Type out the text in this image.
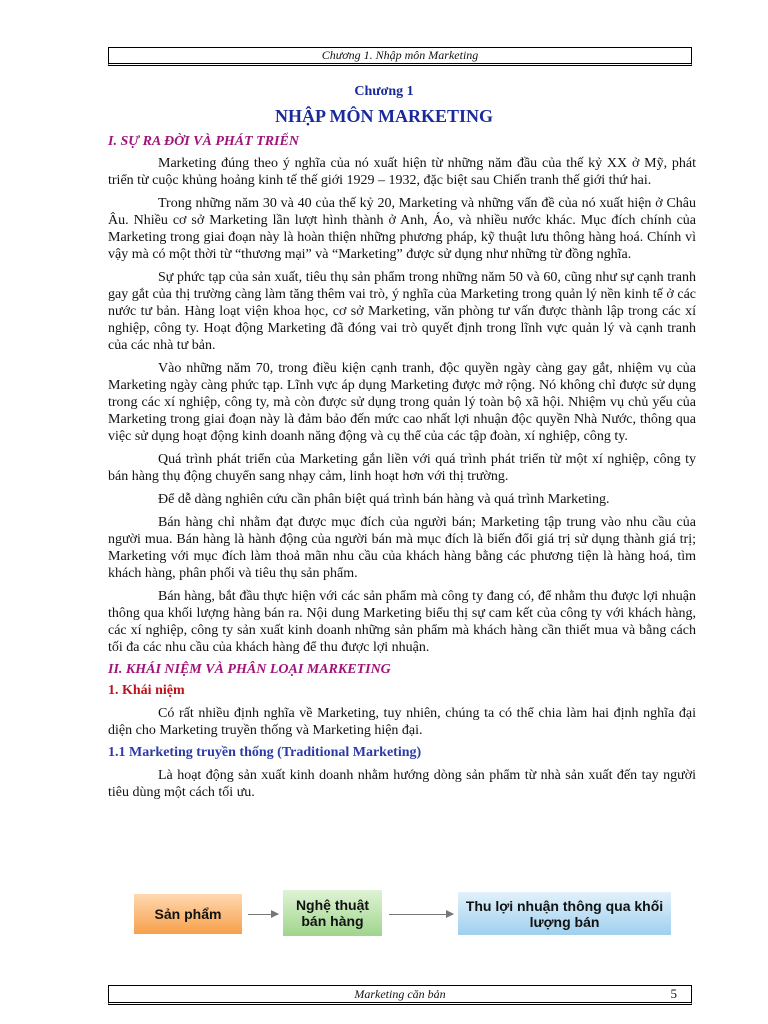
Chương 1. Nhập môn Marketing
Chương 1
NHẬP MÔN MARKETING
I. SỰ RA ĐỜI VÀ PHÁT TRIỂN

Marketing đúng theo ý nghĩa của nó xuất hiện từ những năm đầu của thế kỷ XX ở Mỹ, phát triển từ cuộc khủng hoảng kinh tế thế giới 1929 – 1932, đặc biệt sau Chiến tranh thế giới thứ hai.

Trong những năm 30 và 40 của thế kỷ 20, Marketing và những vấn đề của nó xuất hiện ở Châu Âu. Nhiều cơ sở Marketing lần lượt hình thành ở Anh, Áo, và nhiều nước khác. Mục đích chính của Marketing trong giai đoạn này là hoàn thiện những phương pháp, kỹ thuật lưu thông hàng hoá. Chính vì vậy mà có một thời từ “thương mại” và “Marketing” được sử dụng như những từ đồng nghĩa.

Sự phức tạp của sản xuất, tiêu thụ sản phẩm trong những năm 50 và 60, cũng như sự cạnh tranh gay gắt của thị trường càng làm tăng thêm vai trò, ý nghĩa của Marketing trong quản lý nền kinh tế ở các nước tư bản. Hàng loạt viện khoa học, cơ sở Marketing, văn phòng tư vấn được thành lập trong các xí nghiệp, công ty. Hoạt động Marketing đã đóng vai trò quyết định trong lĩnh vực quản lý và cạnh tranh của các nhà tư bản.

Vào những năm 70, trong điều kiện cạnh tranh, độc quyền ngày càng gay gắt, nhiệm vụ của Marketing ngày càng phức tạp. Lĩnh vực áp dụng Marketing được mở rộng. Nó không chỉ được sử dụng trong các xí nghiệp, công ty, mà còn được sử dụng trong quản lý toàn bộ xã hội. Nhiệm vụ chủ yếu của Marketing trong giai đoạn này là đảm bảo đến mức cao nhất lợi nhuận độc quyền Nhà Nước, thông qua việc sử dụng hoạt động kinh doanh năng động và cụ thể của các tập đoàn, xí nghiệp, công ty.

Quá trình phát triển của Marketing gắn liền với quá trình phát triển từ một xí nghiệp, công ty bán hàng thụ động chuyển sang nhạy cảm, linh hoạt hơn với thị trường.

Để dễ dàng nghiên cứu cần phân biệt quá trình bán hàng và quá trình Marketing.

Bán hàng chỉ nhằm đạt được mục đích của người bán; Marketing tập trung vào nhu cầu của người mua. Bán hàng là hành động của người bán mà mục đích là biến đổi giá trị sử dụng thành giá trị; Marketing với mục đích làm thoả mãn nhu cầu của khách hàng bằng các phương tiện là hàng hoá, tìm khách hàng, phân phối và tiêu thụ sản phẩm.

Bán hàng, bắt đầu thực hiện với các sản phẩm mà công ty đang có, để nhằm thu được lợi nhuận thông qua khối lượng hàng bán ra. Nội dung Marketing biểu thị sự cam kết của công ty với khách hàng, các xí nghiệp, công ty sản xuất kinh doanh những sản phẩm mà khách hàng cần thiết mua và bằng cách tối đa các nhu cầu của khách hàng để thu được lợi nhuận.

II. KHÁI NIỆM VÀ PHÂN LOẠI MARKETING
1. Khái niệm

Có rất nhiều định nghĩa về Marketing, tuy nhiên, chúng ta có thể chia làm hai định nghĩa đại diện cho Marketing truyền thống và Marketing hiện đại.

1.1 Marketing truyền thống (Traditional Marketing)

Là hoạt động sản xuất kinh doanh nhằm hướng dòng sản phẩm từ nhà sản xuất đến tay người tiêu dùng một cách tối ưu.

Sản phẩm
Nghệ thuật bán hàng
Thu lợi nhuận thông qua khối lượng bán
Marketing căn bản	5
